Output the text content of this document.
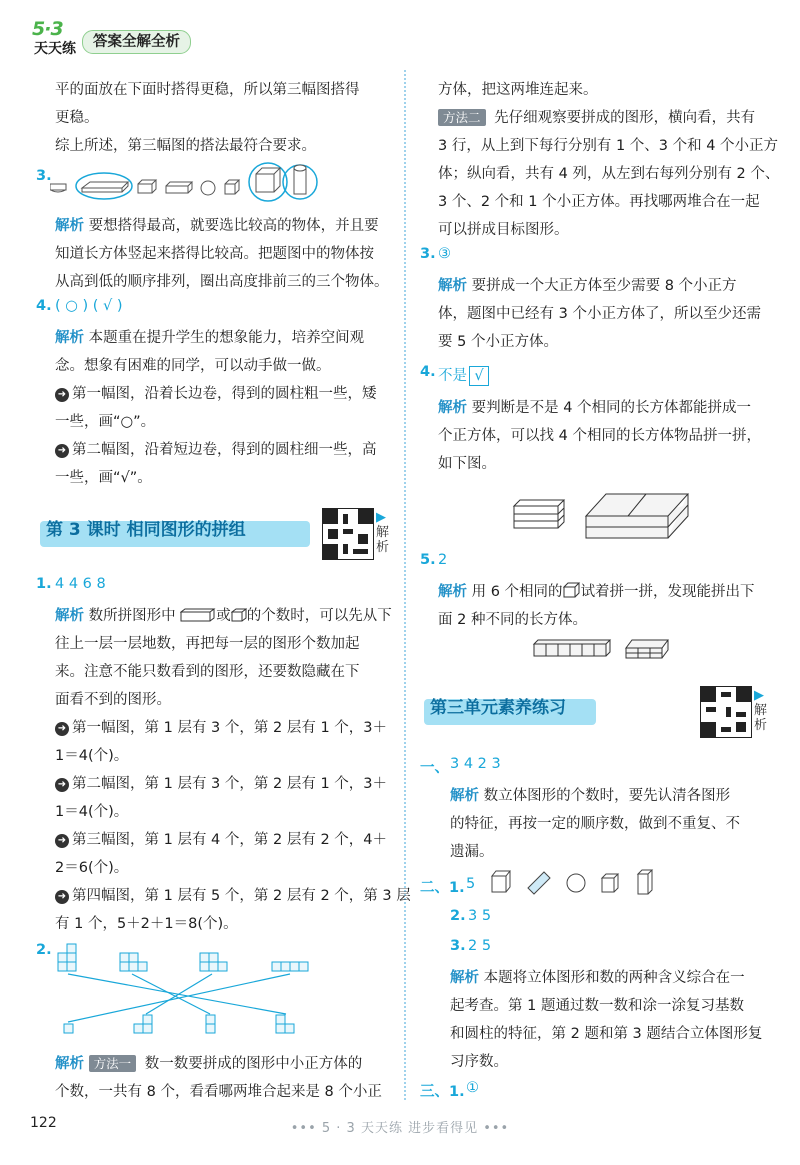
5·3
天天练	答案全解全析
平的面放在下面时搭得更稳，所以第三幅图搭得
更稳。
综上所述，第三幅图的搭法最符合要求。
3.
解析 要想搭得最高，就要选比较高的物体，并且要
知道长方体竖起来搭得比较高。把题图中的物体按
从高到低的顺序排列，圈出高度排前三的三个物体。
4. ( ○ ) ( √ )
解析 本题重在提升学生的想象能力，培养空间观
念。想象有困难的同学，可以动手做一做。
➜ 第一幅图，沿着长边卷，得到的圆柱粗一些，矮
一些，画“○”。
➜ 第二幅图，沿着短边卷，得到的圆柱细一些，高
一些，画“√”。
第 3 课时 相同图形的拼组
▶解析
1. 4 4 6 8
解析 数所拼图形中	或 的个数时，可以先从下
往上一层一层地数，再把每一层的图形个数加起
来。注意不能只数看到的图形，还要数隐藏在下
面看不到的图形。
➜ 第一幅图，第 1 层有 3 个，第 2 层有 1 个，3＋
1＝4(个)。
➜ 第二幅图，第 1 层有 3 个，第 2 层有 1 个，3＋
1＝4(个)。
➜ 第三幅图，第 1 层有 4 个，第 2 层有 2 个，4＋
2＝6(个)。
➜ 第四幅图，第 1 层有 5 个，第 2 层有 2 个，第 3 层
有 1 个，5＋2＋1＝8(个)。
2.
解析 方法一 数一数要拼成的图形中小正方体的
个数，一共有 8 个，看看哪两堆合起来是 8 个小正
方体，把这两堆连起来。
方法二 先仔细观察要拼成的图形，横向看，共有
3 行，从上到下每行分别有 1 个、3 个和 4 个小正方
体；纵向看，共有 4 列，从左到右每列分别有 2 个、
3 个、2 个和 1 个小正方体。再找哪两堆合在一起
可以拼成目标图形。
3. ③
解析 要拼成一个大正方体至少需要 8 个小正方
体，题图中已经有 3 个小正方体了，所以至少还需
要 5 个小正方体。
4. 不是 √
解析 要判断是不是 4 个相同的长方体都能拼成一
个正方体，可以找 4 个相同的长方体物品拼一拼，
如下图。
5. 2
解析 用 6 个相同的 试着拼一拼，发现能拼出下
面 2 种不同的长方体。
第三单元素养练习
▶解析
一、 3 4 2 3
解析 数立体图形的个数时，要先认清各图形
的特征，再按一定的顺序数，做到不重复、不
遗漏。
二、1. 5
2. 3 5
3. 2 5
解析 本题将立体图形和数的两种含义综合在一
起考查。第 1 题通过数一数和涂一涂复习基数
和圆柱的特征，第 2 题和第 3 题结合立体图形复
习序数。
三、1. ①
122	••• 5 · 3 天天练 进步看得见 •••
